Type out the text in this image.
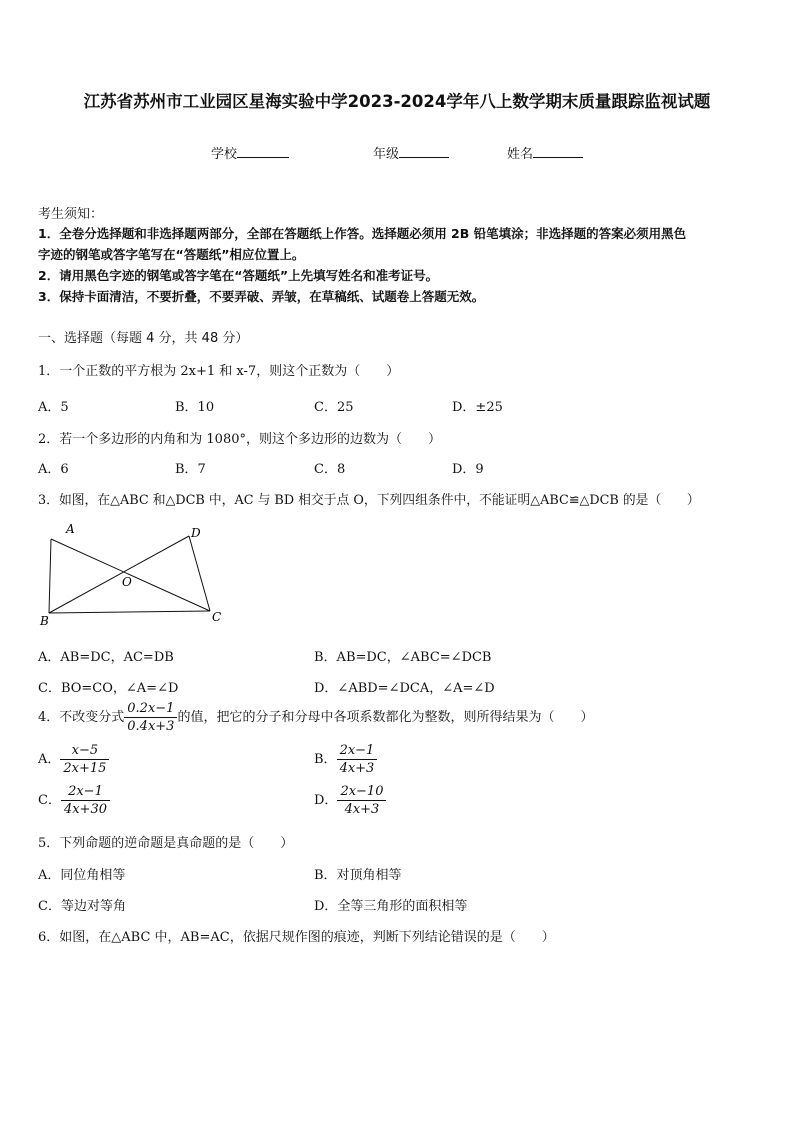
江苏省苏州市工业园区星海实验中学2023-2024学年八上数学期末质量跟踪监视试题
学校	年级	姓名
考生须知：
1．全卷分选择题和非选择题两部分，全部在答题纸上作答。选择题必须用 2B 铅笔填涂；非选择题的答案必须用黑色
字迹的钢笔或答字笔写在“答题纸”相应位置上。
2．请用黑色字迹的钢笔或答字笔在“答题纸”上先填写姓名和准考证号。
3．保持卡面清洁，不要折叠，不要弄破、弄皱，在草稿纸、试题卷上答题无效。
一、选择题（每题 4 分，共 48 分）
1．一个正数的平方根为 2x+1 和 x-7，则这个正数为（　　）
A．5	B．10	C．25	D．±25
2．若一个多边形的内角和为 1080°，则这个多边形的边数为（　　）
A．6	B．7	C．8	D．9
3．如图，在△ABC 和△DCB 中，AC 与 BD 相交于点 O，下列四组条件中，不能证明△ABC≌△DCB 的是（　　）
A	D
O
B	C
A．AB=DC，AC=DB	B．AB=DC，∠ABC=∠DCB
C．BO=CO，∠A=∠D	D．∠ABD=∠DCA，∠A=∠D
4．不改变分式 $\frac{0.2x-1}{0.4x+3}$ 的值，把它的分子和分母中各项系数都化为整数，则所得结果为（　　）
A． $\frac{x-5}{2x+15}$	B． $\frac{2x-1}{4x+3}$
C． $\frac{2x-1}{4x+30}$	D． $\frac{2x-10}{4x+3}$
5．下列命题的逆命题是真命题的是（　　）
A．同位角相等	B．对顶角相等
C．等边对等角	D．全等三角形的面积相等
6．如图，在△ABC 中，AB=AC，依据尺规作图的痕迹，判断下列结论错误的是（　　）
